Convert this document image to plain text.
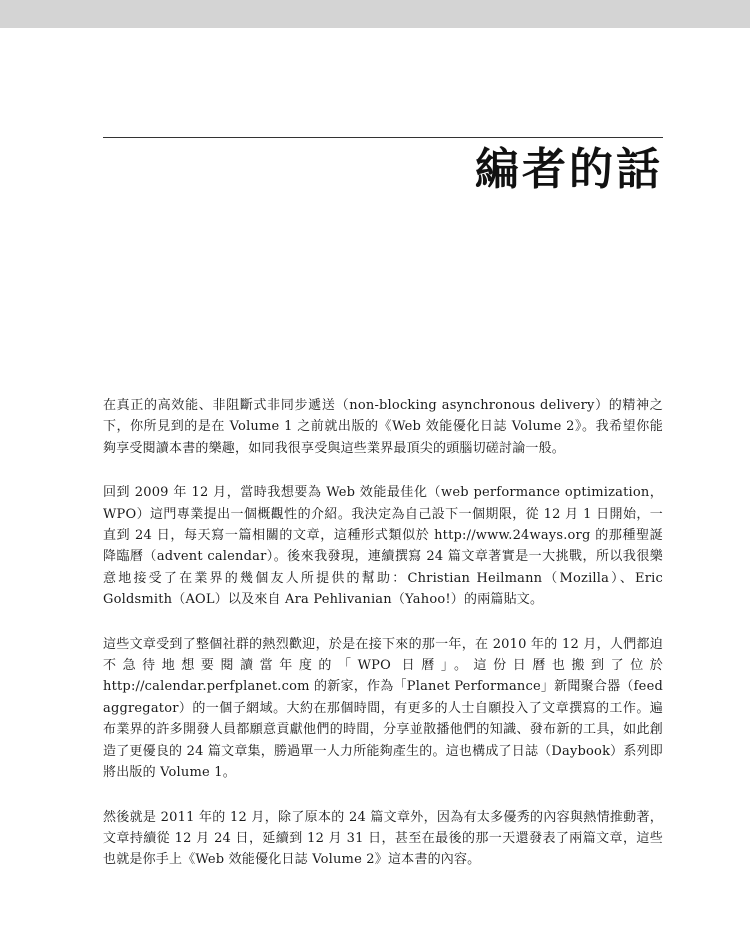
編者的話

在真正的高效能、非阻斷式非同步遞送（non-blocking asynchronous delivery）的精神之下，你所見到的是在 Volume 1 之前就出版的《Web 效能優化日誌 Volume 2》。我希望你能夠享受閱讀本書的樂趣，如同我很享受與這些業界最頂尖的頭腦切磋討論一般。

回到 2009 年 12 月，當時我想要為 Web 效能最佳化（web performance optimization，WPO）這門專業提出一個概觀性的介紹。我決定為自己設下一個期限，從 12 月 1 日開始，一直到 24 日，每天寫一篇相關的文章，這種形式類似於 http://www.24ways.org 的那種聖誕降臨曆（advent calendar）。後來我發現，連續撰寫 24 篇文章著實是一大挑戰，所以我很樂意地接受了在業界的幾個友人所提供的幫助：Christian Heilmann（Mozilla）、Eric Goldsmith（AOL）以及來自 Ara Pehlivanian（Yahoo!）的兩篇貼文。

這些文章受到了整個社群的熱烈歡迎，於是在接下來的那一年，在 2010 年的 12 月，人們都迫不急待地想要閱讀當年度的「WPO 日曆」。這份日曆也搬到了位於 http://calendar.perfplanet.com 的新家，作為「Planet Performance」新聞聚合器（feed aggregator）的一個子網域。大約在那個時間，有更多的人士自願投入了文章撰寫的工作。遍布業界的許多開發人員都願意貢獻他們的時間，分享並散播他們的知識、發布新的工具，如此創造了更優良的 24 篇文章集，勝過單一人力所能夠產生的。這也構成了日誌（Daybook）系列即將出版的 Volume 1。

然後就是 2011 年的 12 月，除了原本的 24 篇文章外，因為有太多優秀的內容與熱情推動著，文章持續從 12 月 24 日，延續到 12 月 31 日，甚至在最後的那一天還發表了兩篇文章，這些也就是你手上《Web 效能優化日誌 Volume 2》這本書的內容。
